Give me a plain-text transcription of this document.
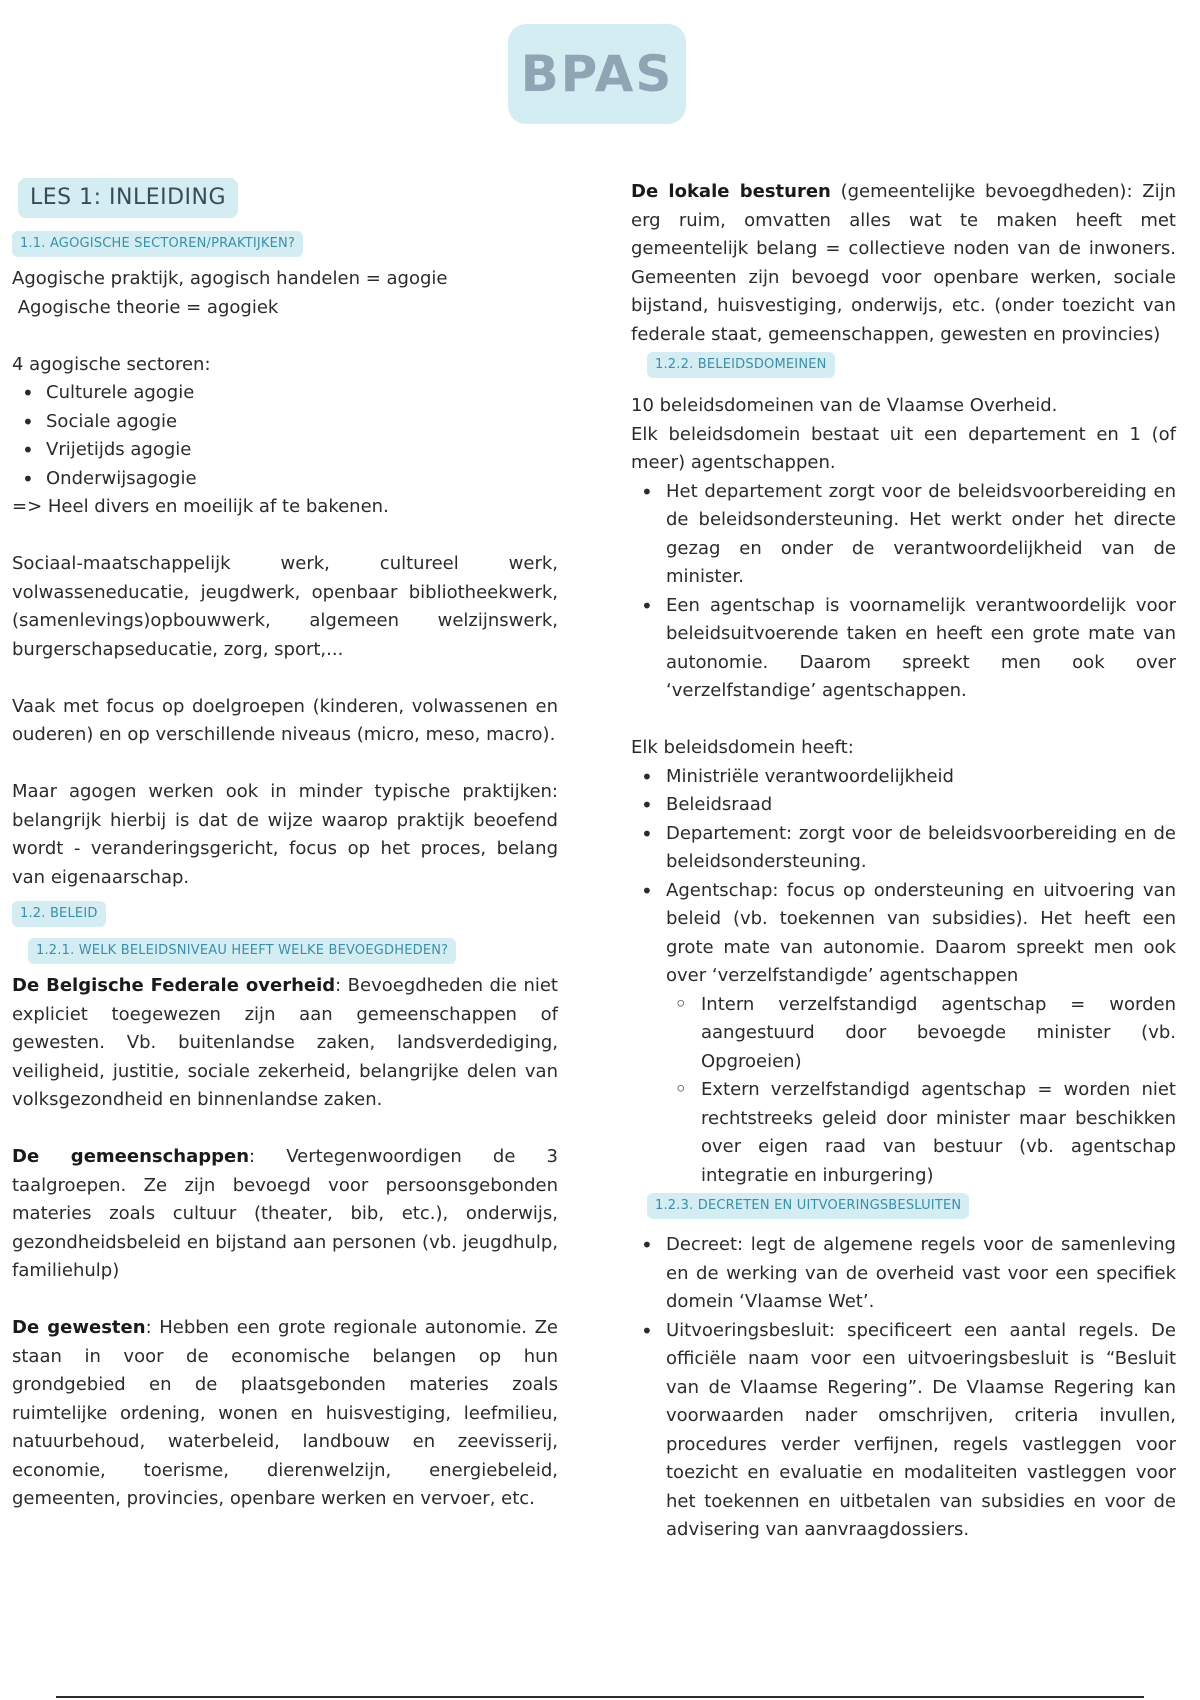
BPAS
LES 1: INLEIDING
1.1. AGOGISCHE SECTOREN/PRAKTIJKEN?

Agogische praktijk, agogisch handelen = agogie

Agogische theorie = agogiek

4 agogische sectoren:

• Culturele agogie
• Sociale agogie
• Vrijetijds agogie
• Onderwijsagogie

=> Heel divers en moeilijk af te bakenen.

Sociaal-maatschappelijk werk, cultureel werk, volwasseneducatie, jeugdwerk, openbaar bibliotheekwerk, (samenlevings)opbouwwerk, algemeen welzijnswerk, burgerschapseducatie, zorg, sport,...

Vaak met focus op doelgroepen (kinderen, volwassenen en ouderen) en op verschillende niveaus (micro, meso, macro).

Maar agogen werken ook in minder typische praktijken: belangrijk hierbij is dat de wijze waarop praktijk beoefend wordt - veranderingsgericht, focus op het proces, belang van eigenaarschap.

1.2. BELEID
1.2.1. WELK BELEIDSNIVEAU HEEFT WELKE BEVOEGDHEDEN?

De Belgische Federale overheid: Bevoegdheden die niet expliciet toegewezen zijn aan gemeenschappen of gewesten. Vb. buitenlandse zaken, landsverdediging, veiligheid, justitie, sociale zekerheid, belangrijke delen van volksgezondheid en binnenlandse zaken.

De gemeenschappen: Vertegenwoordigen de 3 taalgroepen. Ze zijn bevoegd voor persoonsgebonden materies zoals cultuur (theater, bib, etc.), onderwijs, gezondheidsbeleid en bijstand aan personen (vb. jeugdhulp, familiehulp)

De gewesten: Hebben een grote regionale autonomie. Ze staan in voor de economische belangen op hun grondgebied en de plaatsgebonden materies zoals ruimtelijke ordening, wonen en huisvestiging, leefmilieu, natuurbehoud, waterbeleid, landbouw en zeevisserij, economie, toerisme, dierenwelzijn, energiebeleid, gemeenten, provincies, openbare werken en vervoer, etc.

De lokale besturen (gemeentelijke bevoegdheden): Zijn erg ruim, omvatten alles wat te maken heeft met gemeentelijk belang = collectieve noden van de inwoners. Gemeenten zijn bevoegd voor openbare werken, sociale bijstand, huisvestiging, onderwijs, etc. (onder toezicht van federale staat, gemeenschappen, gewesten en provincies)

1.2.2. BELEIDSDOMEINEN

10 beleidsdomeinen van de Vlaamse Overheid.

Elk beleidsdomein bestaat uit een departement en 1 (of meer) agentschappen.

• Het departement zorgt voor de beleidsvoorbereiding en de beleidsondersteuning. Het werkt onder het directe gezag en onder de verantwoordelijkheid van de minister.
• Een agentschap is voornamelijk verantwoordelijk voor beleidsuitvoerende taken en heeft een grote mate van autonomie. Daarom spreekt men ook over ‘verzelfstandige’ agentschappen.

Elk beleidsdomein heeft:

• Ministriële verantwoordelijkheid
• Beleidsraad
• Departement: zorgt voor de beleidsvoorbereiding en de beleidsondersteuning.
• Agentschap: focus op ondersteuning en uitvoering van beleid (vb. toekennen van subsidies). Het heeft een grote mate van autonomie. Daarom spreekt men ook over ‘verzelfstandigde’ agentschappen
◦ Intern verzelfstandigd agentschap = worden aangestuurd door bevoegde minister (vb. Opgroeien)
◦ Extern verzelfstandigd agentschap = worden niet rechtstreeks geleid door minister maar beschikken over eigen raad van bestuur (vb. agentschap integratie en inburgering)
1.2.3. DECRETEN EN UITVOERINGSBESLUITEN
• Decreet: legt de algemene regels voor de samenleving en de werking van de overheid vast voor een specifiek domein ‘Vlaamse Wet’.
• Uitvoeringsbesluit: specificeert een aantal regels. De officiële naam voor een uitvoeringsbesluit is “Besluit van de Vlaamse Regering”. De Vlaamse Regering kan voorwaarden nader omschrijven, criteria invullen, procedures verder verfijnen, regels vastleggen voor toezicht en evaluatie en modaliteiten vastleggen voor het toekennen en uitbetalen van subsidies en voor de advisering van aanvraagdossiers.
